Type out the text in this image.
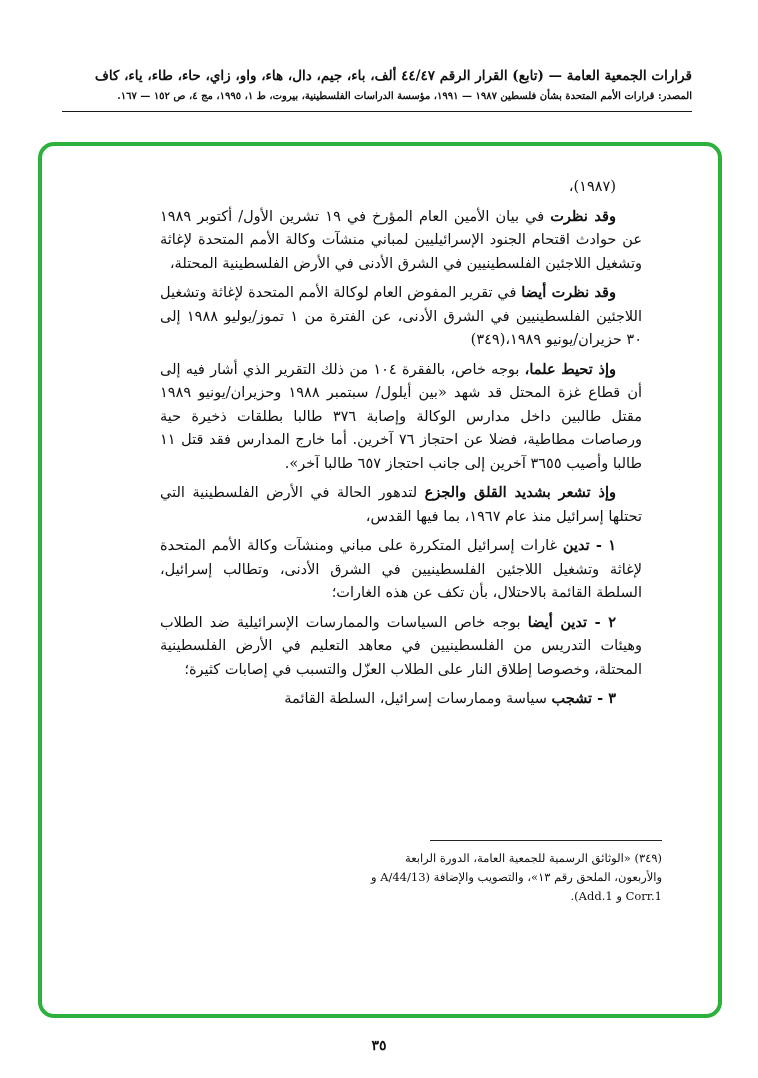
قرارات الجمعية العامة — (تابع) القرار الرقم ٤٤/٤٧ ألف، باء، جيم، دال، هاء، واو، زاي، حاء، طاء، ياء، كاف
المصدر: قرارات الأمم المتحدة بشأن فلسطين ١٩٨٧ — ١٩٩١، مؤسسة الدراسات الفلسطينية، بيروت، ط ١، ١٩٩٥، مج ٤، ص ١٥٢ — ١٦٧.

(١٩٨٧)،

وقد نظرت في بيان الأمين العام المؤرخ في ١٩ تشرين الأول/ أكتوبر ١٩٨٩ عن حوادث اقتحام الجنود الإسرائيليين لمباني منشآت وكالة الأمم المتحدة لإغاثة وتشغيل اللاجئين الفلسطينيين في الشرق الأدنى في الأرض الفلسطينية المحتلة،

وقد نظرت أيضا في تقرير المفوض العام لوكالة الأمم المتحدة لإغاثة وتشغيل اللاجئين الفلسطينيين في الشرق الأدنى، عن الفترة من ١ تموز/يوليو ١٩٨٨ إلى ٣٠ حزيران/يونيو ١٩٨٩،(٣٤٩)

وإذ تحيط علما، بوجه خاص، بالفقرة ١٠٤ من ذلك التقرير الذي أشار فيه إلى أن قطاع غزة المحتل قد شهد «بين أيلول/ سبتمبر ١٩٨٨ وحزيران/يونيو ١٩٨٩ مقتل طالبين داخل مدارس الوكالة وإصابة ٣٧٦ طالبا بطلقات ذخيرة حية ورصاصات مطاطية، فضلا عن احتجاز ٧٦ آخرين. أما خارج المدارس فقد قتل ١١ طالبا وأصيب ٣٦٥٥ آخرين إلى جانب احتجاز ٦٥٧ طالبا آخر».

وإذ تشعر بشديد القلق والجزع لتدهور الحالة في الأرض الفلسطينية التي تحتلها إسرائيل منذ عام ١٩٦٧، بما فيها القدس،

١ - تدين غارات إسرائيل المتكررة على مباني ومنشآت وكالة الأمم المتحدة لإغاثة وتشغيل اللاجئين الفلسطينيين في الشرق الأدنى، وتطالب إسرائيل، السلطة القائمة بالاحتلال، بأن تكف عن هذه الغارات؛

٢ - تدين أيضا بوجه خاص السياسات والممارسات الإسرائيلية ضد الطلاب وهيئات التدريس من الفلسطينيين في معاهد التعليم في الأرض الفلسطينية المحتلة، وخصوصا إطلاق النار على الطلاب العزّل والتسبب في إصابات كثيرة؛

٣ - تشجب سياسة وممارسات إسرائيل، السلطة القائمة

(٣٤٩) «الوثائق الرسمية للجمعية العامة، الدورة الرابعة والأربعون، الملحق رقم ١٣»، والتصويب والإضافة (A/44/13 و Corr.1 و Add.1).

٣٥
